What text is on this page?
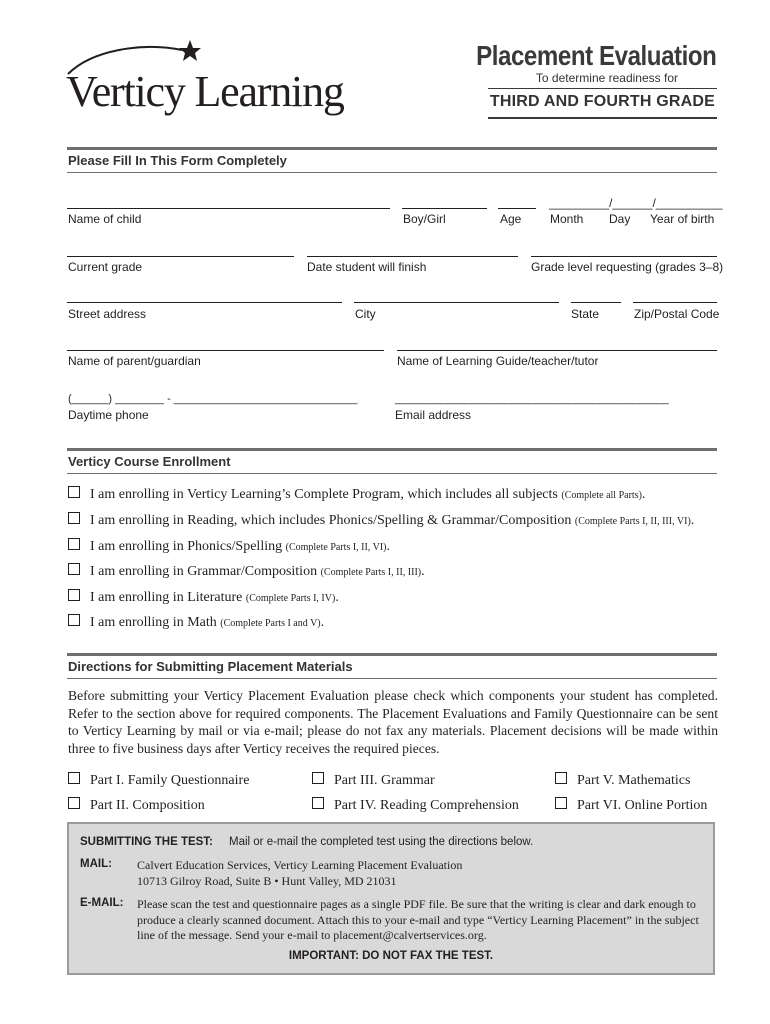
Verticy Learning
Placement Evaluation
To determine readiness for
THIRD AND FOURTH GRADE
Please Fill In This Form Completely
Name of child	Boy/Girl	Age
_________/______/__________
Month Day Year of birth
Current grade	Date student will finish	Grade level requesting (grades 3–8)
Street address	City	State	Zip/Postal Code
Name of parent/guardian	Name of Learning Guide/teacher/tutor
(______) ________ - ______________________________
Daytime phone
_______________________________________________
Email address
Verticy Course Enrollment
I am enrolling in Verticy Learning’s Complete Program, which includes all subjects (Complete all Parts).
I am enrolling in Reading, which includes Phonics/Spelling & Grammar/Composition (Complete Parts I, II, III, VI).
I am enrolling in Phonics/Spelling (Complete Parts I, II, VI).
I am enrolling in Grammar/Composition (Complete Parts I, II, III).
I am enrolling in Literature (Complete Parts I, IV).
I am enrolling in Math (Complete Parts I and V).
Directions for Submitting Placement Materials
Before submitting your Verticy Placement Evaluation please check which components your student has completed. Refer to the section above for required components. The Placement Evaluations and Family Questionnaire can be sent to Verticy Learning by mail or via e-mail; please do not fax any materials. Placement decisions will be made within three to five business days after Verticy receives the required pieces.
Part I. Family Questionnaire	Part III. Grammar	Part V. Mathematics
Part II. Composition	Part IV. Reading Comprehension	Part VI. Online Portion
SUBMITTING THE TEST: Mail or e-mail the completed test using the directions below.
MAIL: Calvert Education Services, Verticy Learning Placement Evaluation
10713 Gilroy Road, Suite B • Hunt Valley, MD 21031
E-MAIL: Please scan the test and questionnaire pages as a single PDF file. Be sure that the writing is clear and dark enough to produce a clearly scanned document. Attach this to your e-mail and type “Verticy Learning Placement” in the subject line of the message. Send your e-mail to placement@calvertservices.org.
IMPORTANT: DO NOT FAX THE TEST.
